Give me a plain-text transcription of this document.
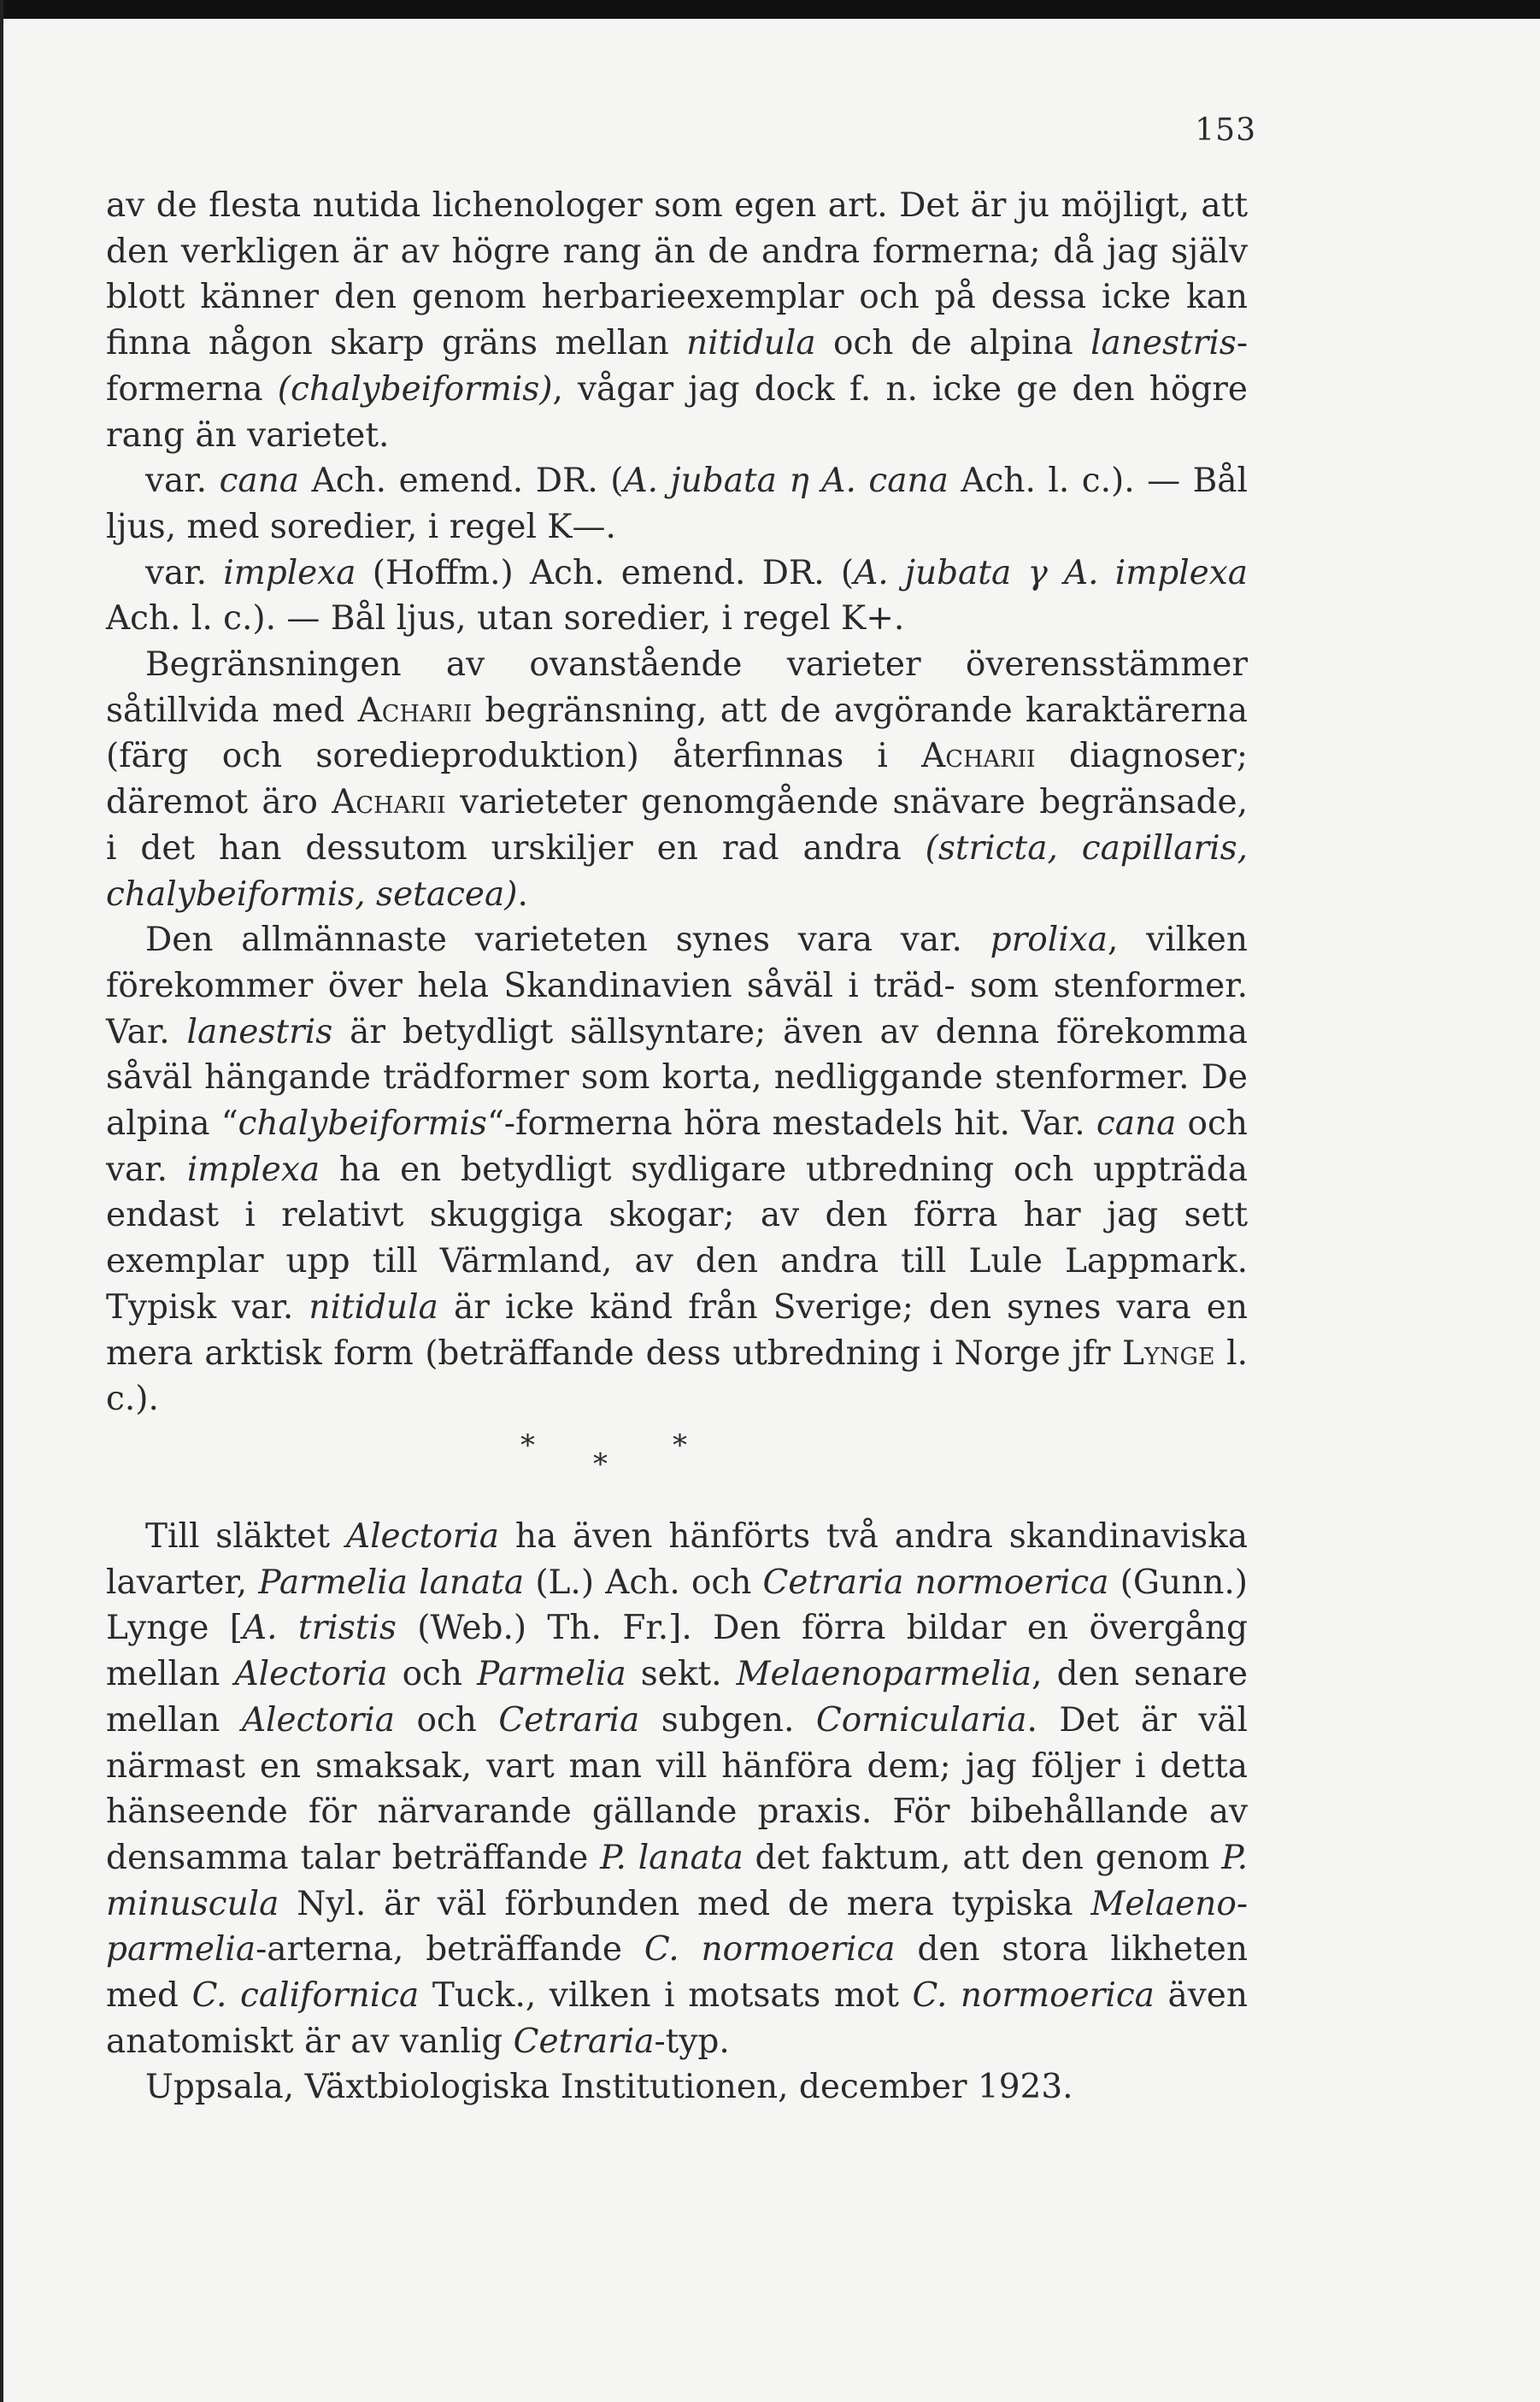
153

av de flesta nutida lichenologer som egen art. Det är ju möjligt, att den verkligen är av högre rang än de andra formerna; då jag själv blott känner den genom herbarieexemplar och på dessa icke kan finna någon skarp gräns mellan nitidula och de alpina lanestris-formerna (chalybeiformis), vågar jag dock f. n. icke ge den högre rang än varietet.

var. cana Ach. emend. DR. (A. jubata η A. cana Ach. l. c.). — Bål ljus, med soredier, i regel K—.

var. implexa (Hoffm.) Ach. emend. DR. (A. jubata γ A. implexa Ach. l. c.). — Bål ljus, utan soredier, i regel K+.

Begränsningen av ovanstående varieter överensstämmer såtillvida med Acharii begränsning, att de avgörande karaktärerna (färg och soredieproduktion) återfinnas i Acharii diagnoser; däremot äro Acharii varieteter genomgående snävare begränsade, i det han dessutom urskiljer en rad andra (stricta, capillaris, chalybeiformis, setacea).

Den allmännaste varieteten synes vara var. prolixa, vilken förekommer över hela Skandinavien såväl i träd- som stenformer. Var. lanestris är betydligt sällsyntare; även av denna förekomma såväl hängande trädformer som korta, nedliggande stenformer. De alpina “chalybeiformis“-formerna höra mestadels hit. Var. cana och var. implexa ha en betydligt sydligare utbredning och uppträda endast i relativt skuggiga skogar; av den förra har jag sett exemplar upp till Värmland, av den andra till Lule Lappmark. Typisk var. nitidula är icke känd från Sverige; den synes vara en mera arktisk form (beträffande dess utbredning i Norge jfr Lynge l. c.).

*	*
*

Till släktet Alectoria ha även hänförts två andra skandinaviska lavarter, Parmelia lanata (L.) Ach. och Cetraria normoerica (Gunn.) Lynge [A. tristis (Web.) Th. Fr.]. Den förra bildar en övergång mellan Alectoria och Parmelia sekt. Melaenoparmelia, den senare mellan Alectoria och Cetraria subgen. Cornicularia. Det är väl närmast en smaksak, vart man vill hänföra dem; jag följer i detta hänseende för närvarande gällande praxis. För bibehållande av densamma talar beträffande P. lanata det faktum, att den genom P. minuscula Nyl. är väl förbunden med de mera typiska Melaenoparmelia-arterna, beträffande C. normoerica den stora likheten med C. californica Tuck., vilken i motsats mot C. normoerica även anatomiskt är av vanlig Cetraria-typ.

Uppsala, Växtbiologiska Institutionen, december 1923.
